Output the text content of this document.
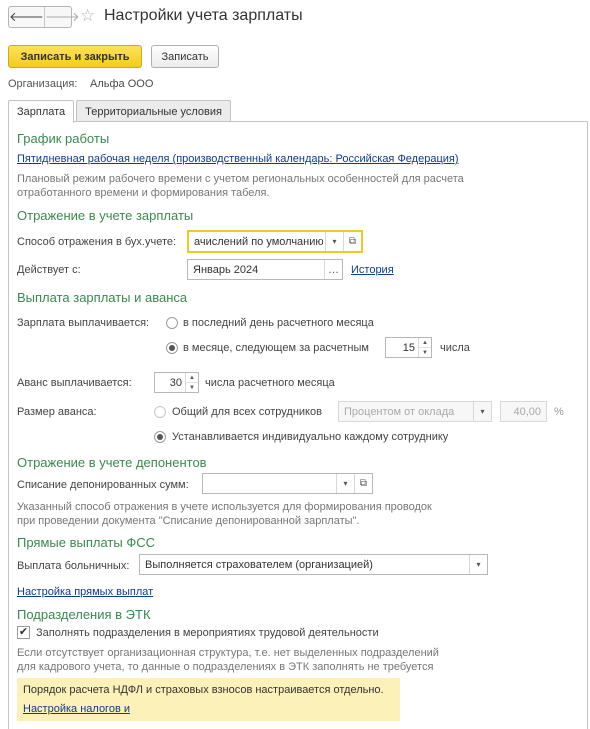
🡐 🡒 ☆ Настройки учета зарплаты
Записать и закрыть	Записать
Организация: Альфа ООО
Зарплата	Территориальные условия
График работы
Пятидневная рабочая неделя (производственный календарь: Российская Федерация)
Плановый режим рабочего времени с учетом региональных особенностей для расчета
отработанного времени и формирования табеля.
Отражение в учете зарплаты
Способ отражения в бух.учете:	ачислений по умолчанию	▾	⧉
Действует с:	Январь 2024	… История
Выплата зарплаты и аванса
Зарплата выплачивается:	в последний день расчетного месяца
в месяце, следующем за расчетным	15	▲
▼ числа
Аванс выплачивается:	30	▲
▼ числа расчетного месяца
Размер аванса:	Общий для всех сотрудников	Процентом от оклада	▾	40,00	%
Устанавливается индивидуально каждому сотруднику
Отражение в учете депонентов
Списание депонированных сумм:	▾	⧉
Указанный способ отражения в учете используется для формирования проводок
при проведении документа "Списание депонированной зарплаты".
Прямые выплаты ФСС
Выплата больничных:	Выполняется страхователем (организацией)	▾
Настройка прямых выплат
Подразделения в ЭТК
✔ Заполнять подразделения в мероприятиях трудовой деятельности
Если отсутствует организационная структура, т.е. нет выделенных подразделений
для кадрового учета, то данные о подразделениях в ЭТК заполнять не требуется
Порядок расчета НДФЛ и страховых взносов настраивается отдельно.
Настройка налогов и
